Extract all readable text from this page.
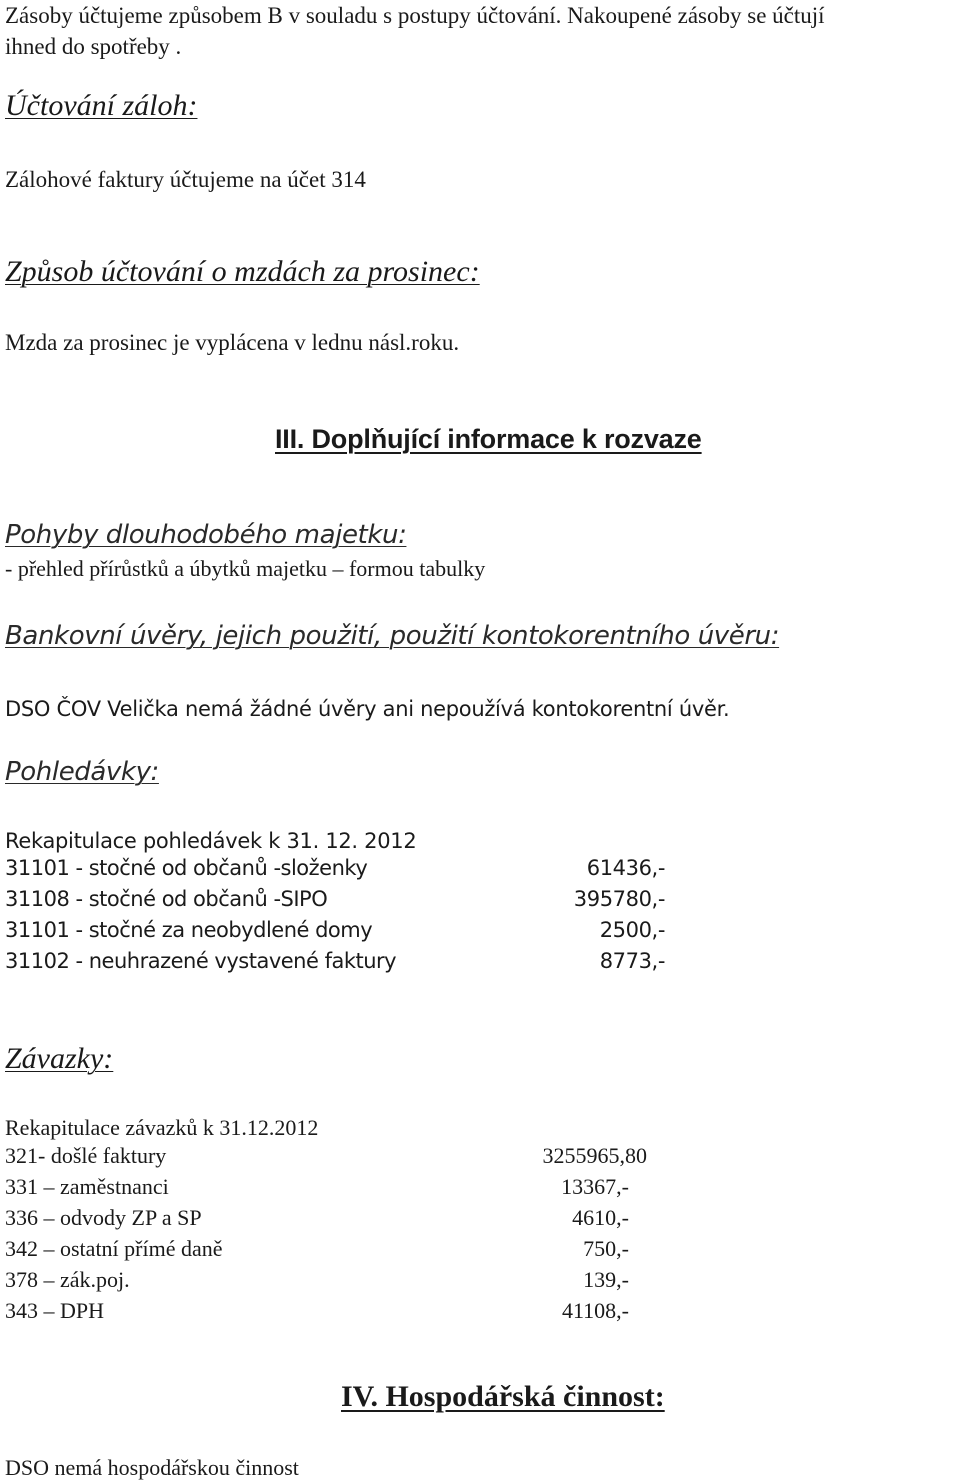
Zásoby účtujeme způsobem B v souladu s postupy účtování. Nakoupené zásoby se účtují
ihned do spotřeby .
Účtování záloh:
Zálohové faktury účtujeme na účet 314
Způsob účtování o mzdách za prosinec:
Mzda za prosinec je vyplácena v lednu násl.roku.
III. Doplňující informace k rozvaze
Pohyby dlouhodobého majetku:
- přehled přírůstků a úbytků majetku – formou tabulky
Bankovní úvěry, jejich použití, použití kontokorentního úvěru:
DSO ČOV Velička nemá žádné úvěry ani nepoužívá kontokorentní úvěr.
Pohledávky:
Rekapitulace pohledávek k 31. 12. 2012
31101 - stočné od občanů -složenky	61436,-
31108 - stočné od občanů -SIPO	395780,-
31101 - stočné za neobydlené domy	2500,-
31102 - neuhrazené vystavené faktury	8773,-
Závazky:
Rekapitulace závazků k 31.12.2012
321- došlé faktury	3255965,80
331 – zaměstnanci	13367,-
336 – odvody ZP a SP	4610,-
342 – ostatní přímé daně	750,-
378 – zák.poj.	139,-
343 – DPH	41108,-
IV. Hospodářská činnost:
DSO nemá hospodářskou činnost
